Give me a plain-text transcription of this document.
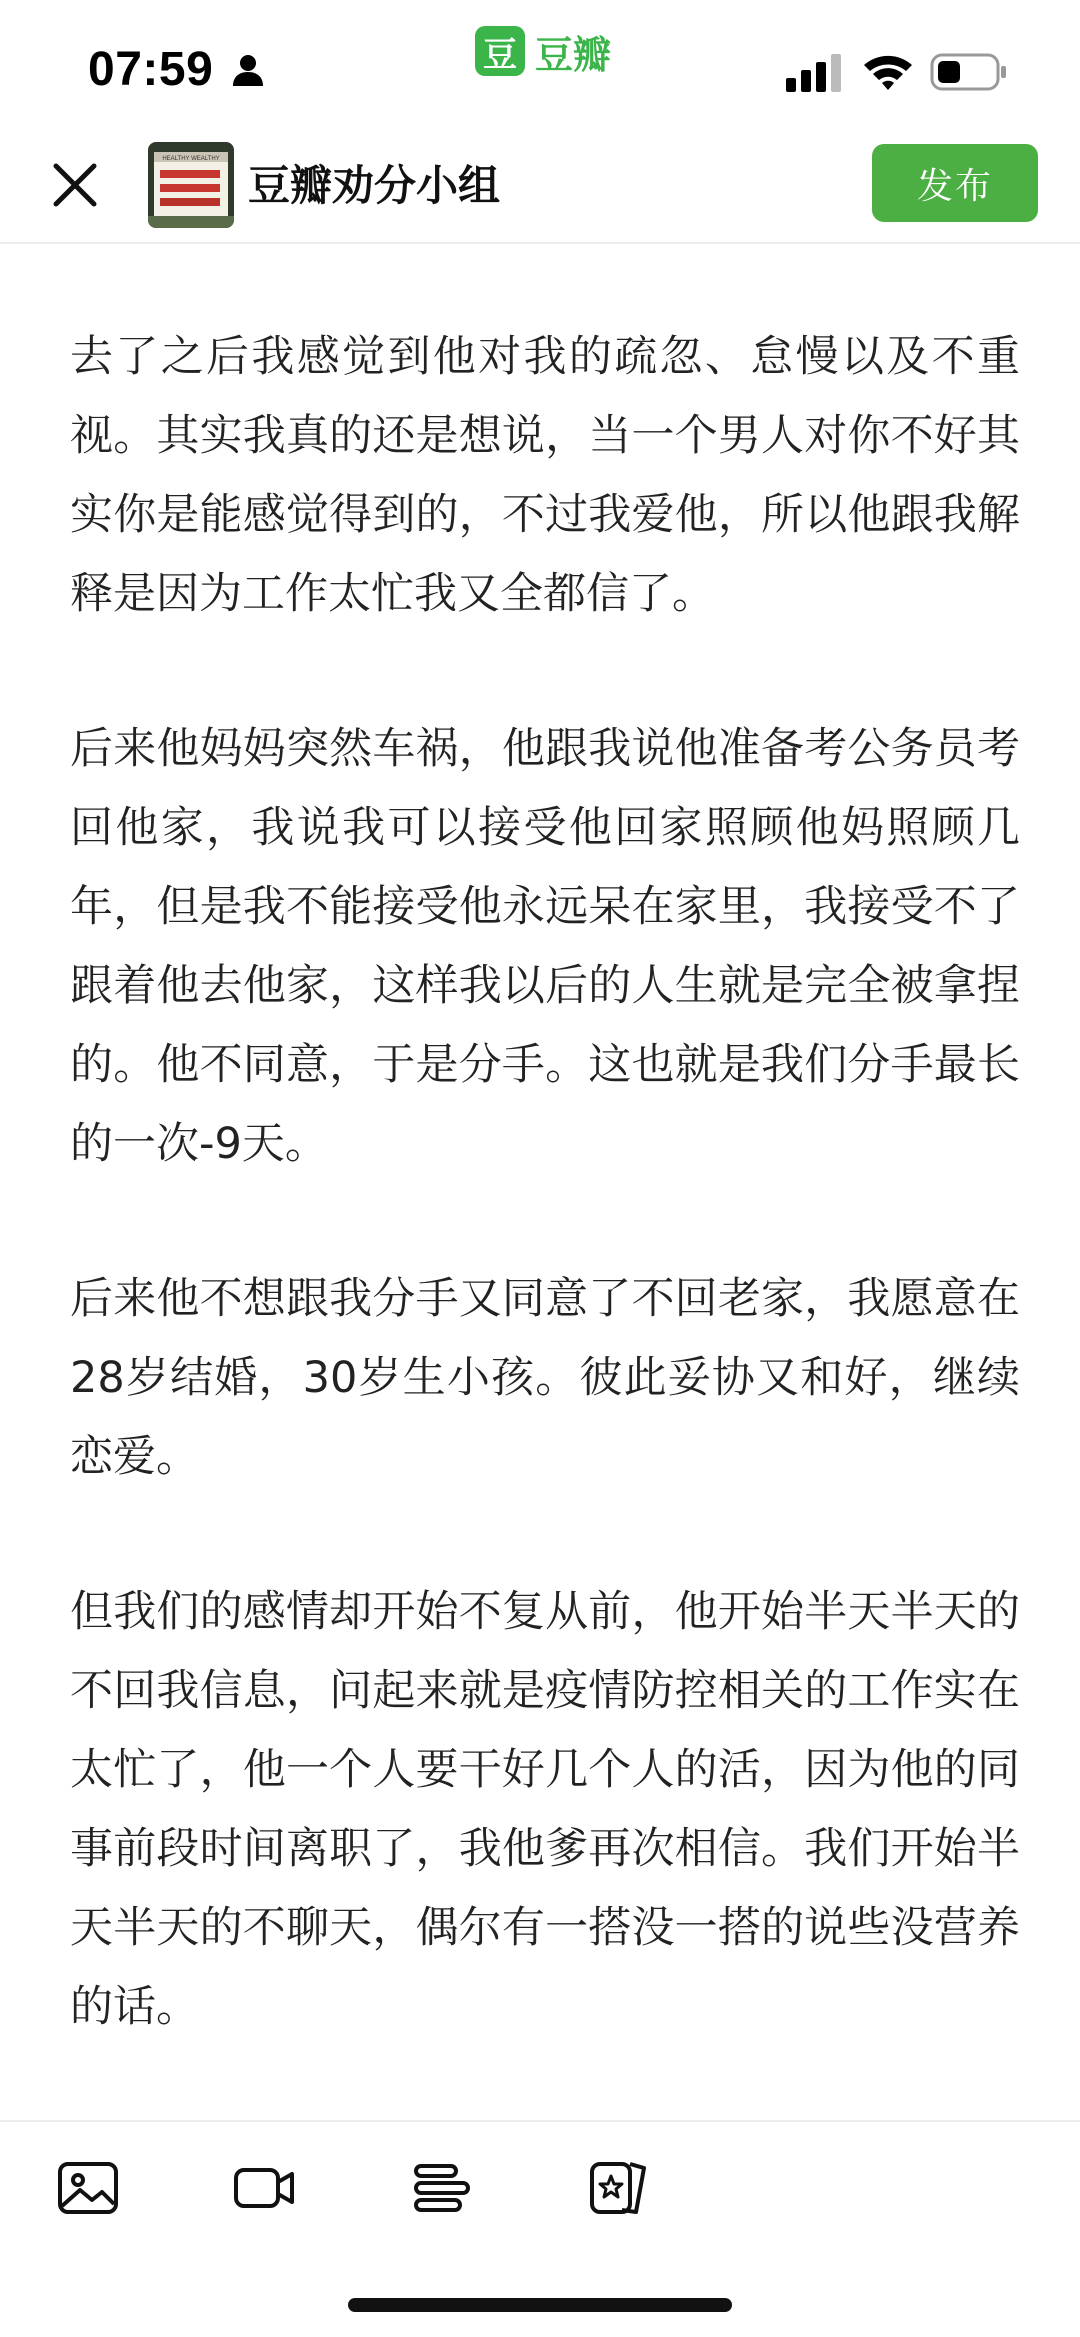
07:59	豆 豆瓣
HEALTHY WEALTHY
豆瓣劝分小组	发布

去了之后我感觉到他对我的疏忽、怠慢以及不重视。其实我真的还是想说，当一个男人对你不好其实你是能感觉得到的，不过我爱他，所以他跟我解释是因为工作太忙我又全都信了。

后来他妈妈突然车祸，他跟我说他准备考公务员考回他家，我说我可以接受他回家照顾他妈照顾几年，但是我不能接受他永远呆在家里，我接受不了跟着他去他家，这样我以后的人生就是完全被拿捏的。他不同意，于是分手。这也就是我们分手最长的一次-9天。

后来他不想跟我分手又同意了不回老家，我愿意在28岁结婚，30岁生小孩。彼此妥协又和好，继续恋爱。

但我们的感情却开始不复从前，他开始半天半天的不回我信息，问起来就是疫情防控相关的工作实在太忙了，他一个人要干好几个人的活，因为他的同事前段时间离职了，我他爹再次相信。我们开始半天半天的不聊天，偶尔有一搭没一搭的说些没营养的话。
